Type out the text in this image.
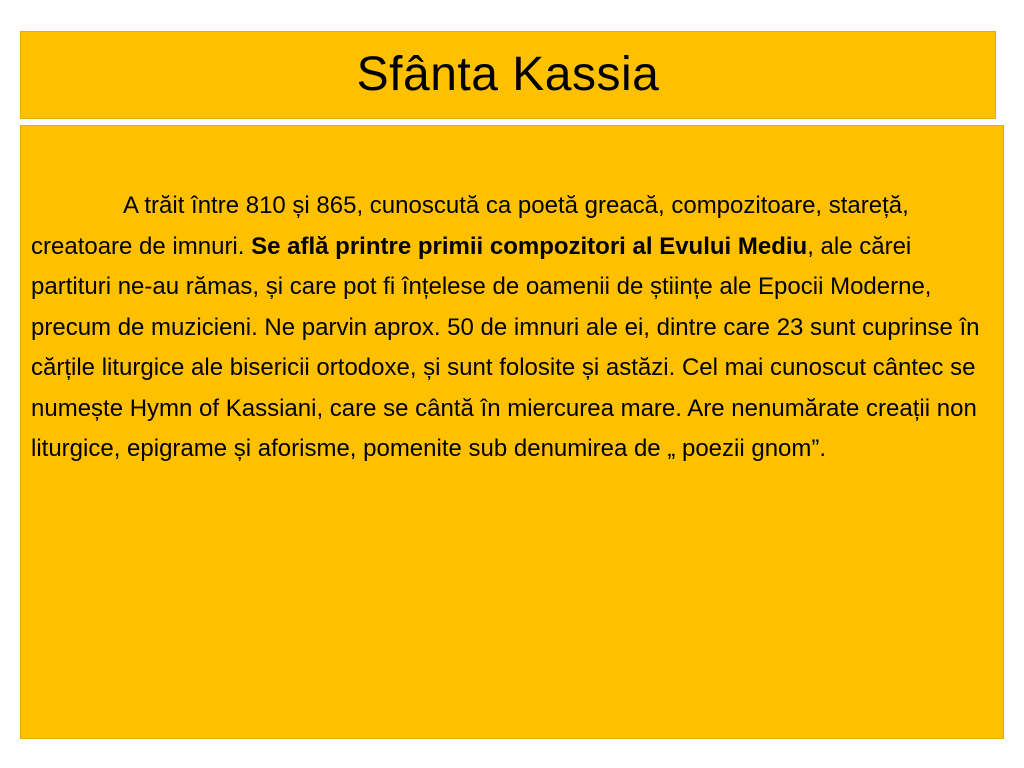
Sfânta Kassia

A trăit între 810 și 865, cunoscută ca poetă greacă, compozitoare, stareță, creatoare de imnuri. Se află printre primii compozitori al Evului Mediu, ale cărei partituri ne-au rămas, și care pot fi înțelese de oamenii de științe ale Epocii Moderne, precum de muzicieni. Ne parvin aprox. 50 de imnuri ale ei, dintre care 23 sunt cuprinse în cărțile liturgice ale bisericii ortodoxe, și sunt folosite și astăzi. Cel mai cunoscut cântec se numește Hymn of Kassiani, care se cântă în miercurea mare. Are nenumărate creații non liturgice, epigrame și aforisme, pomenite sub denumirea de „ poezii gnom”.
